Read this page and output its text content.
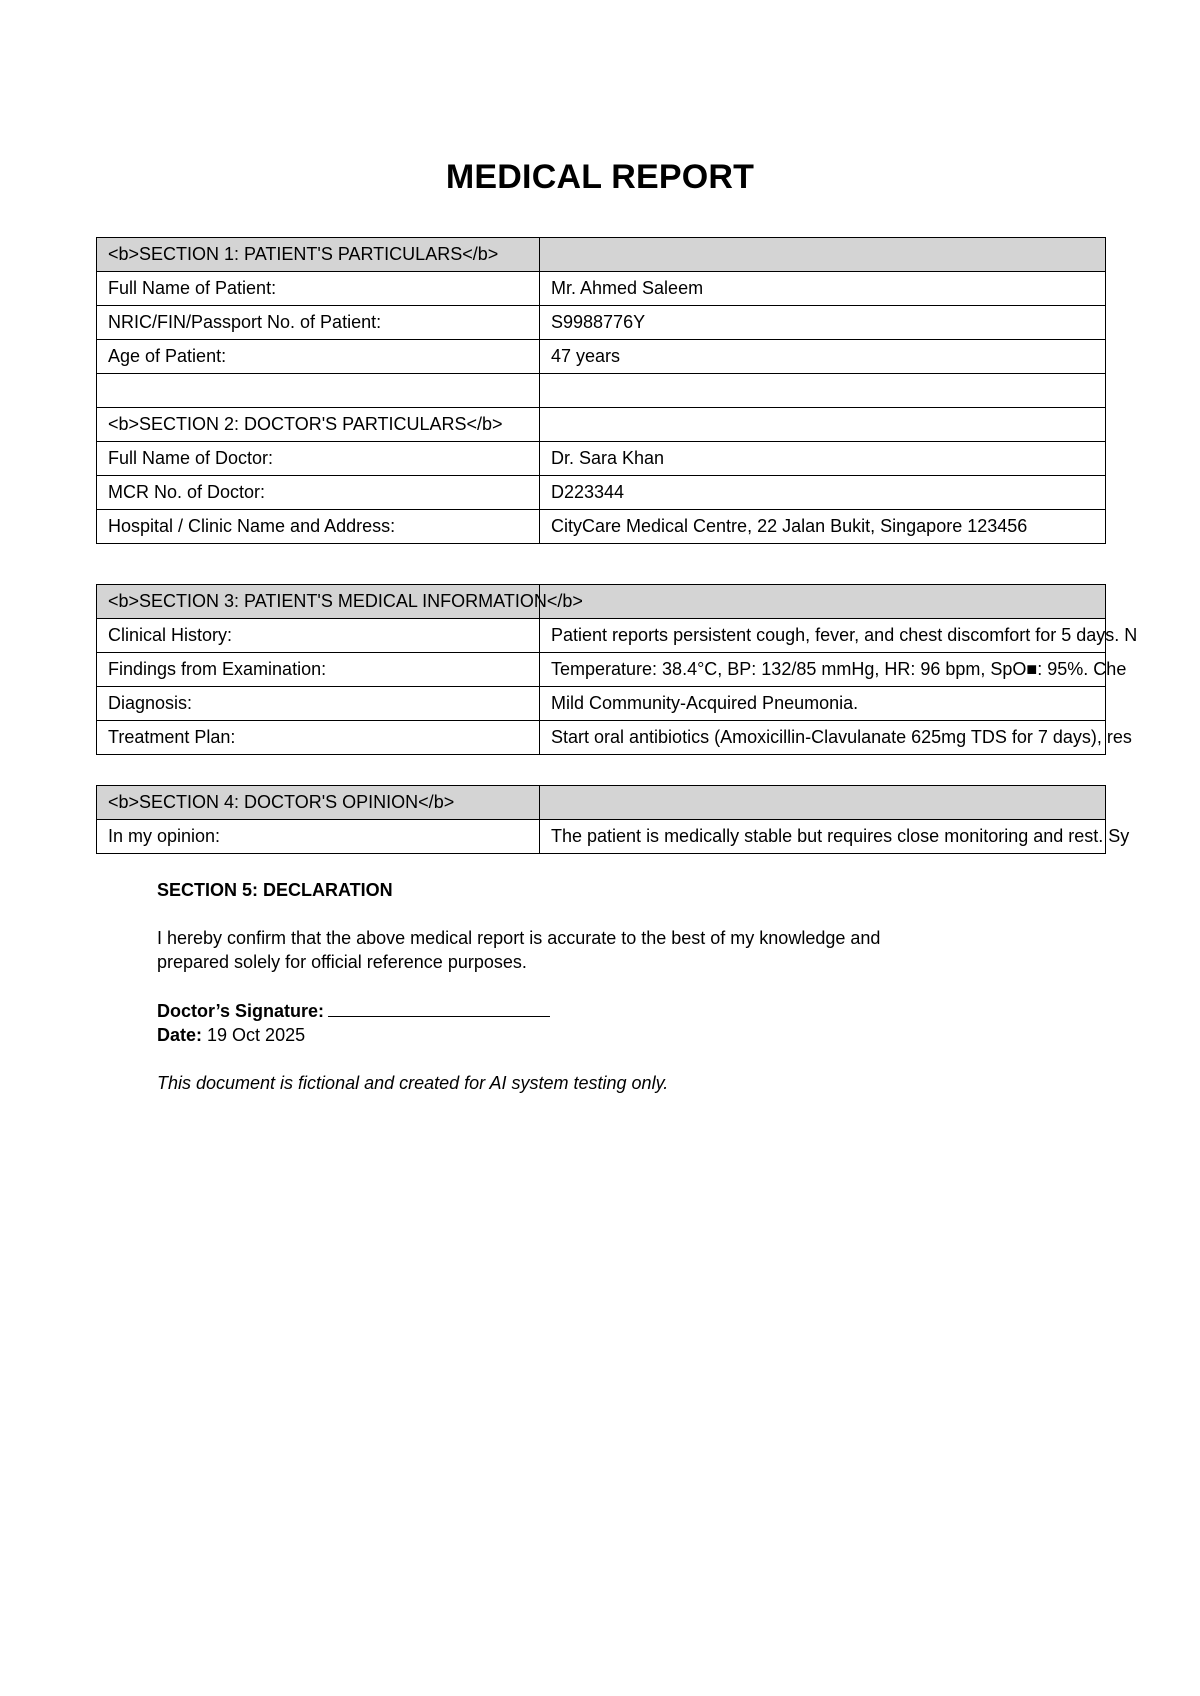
MEDICAL REPORT
<b>SECTION 1: PATIENT'S PARTICULARS</b>	
Full Name of Patient:	Mr. Ahmed Saleem
NRIC/FIN/Passport No. of Patient:	S9988776Y
Age of Patient:	47 years

<b>SECTION 2: DOCTOR'S PARTICULARS</b>	
Full Name of Doctor:	Dr. Sara Khan
MCR No. of Doctor:	D223344
Hospital / Clinic Name and Address:	CityCare Medical Centre, 22 Jalan Bukit, Singapore 123456
<b>SECTION 3: PATIENT'S MEDICAL INFORMATION</b>	
Clinical History:	Patient reports persistent cough, fever, and chest discomfort for 5 days. N
Findings from Examination:	Temperature: 38.4°C, BP: 132/85 mmHg, HR: 96 bpm, SpO■: 95%. Che
Diagnosis:	Mild Community-Acquired Pneumonia.
Treatment Plan:	Start oral antibiotics (Amoxicillin-Clavulanate 625mg TDS for 7 days), res
<b>SECTION 4: DOCTOR'S OPINION</b>	
In my opinion:	The patient is medically stable but requires close monitoring and rest. Sy
SECTION 5: DECLARATION
I hereby confirm that the above medical report is accurate to the best of my knowledge and
prepared solely for official reference purposes.
Doctor’s Signature:
Date: 19 Oct 2025
This document is fictional and created for AI system testing only.
